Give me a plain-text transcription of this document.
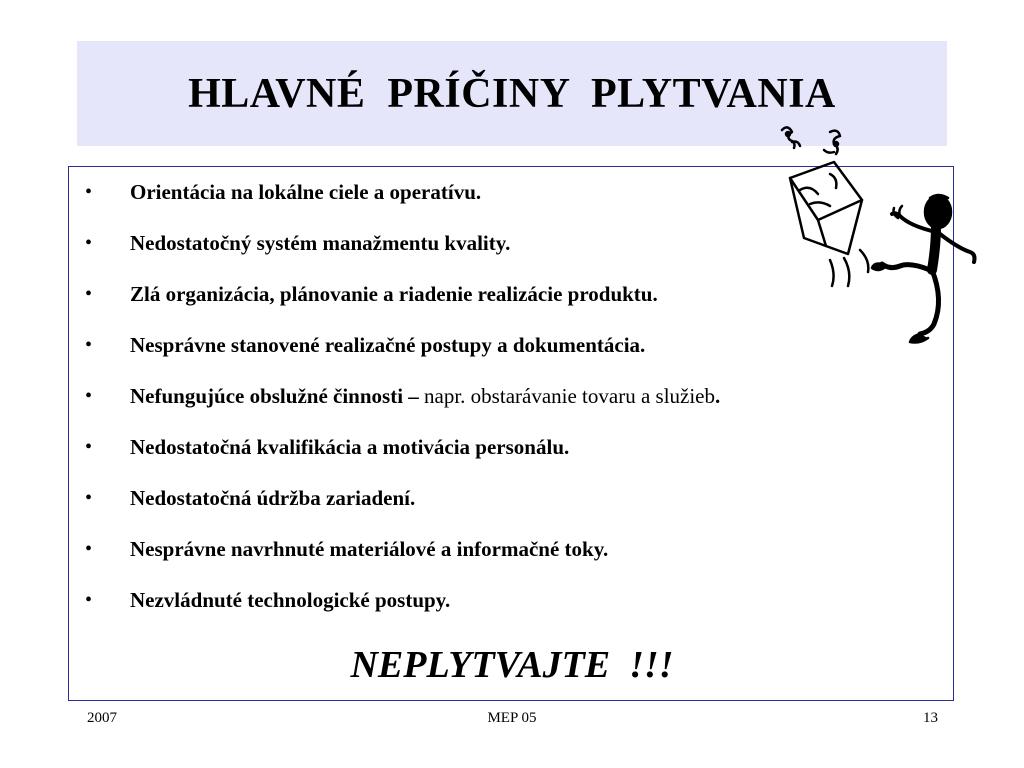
HLAVNÉ  PRÍČINY  PLYTVANIA
• Orientácia na lokálne ciele a operatívu.
• Nedostatočný systém manažmentu kvality.
• Zlá organizácia, plánovanie a riadenie realizácie produktu.
• Nesprávne stanovené realizačné postupy a dokumentácia.
• Nefungujúce obslužné činnosti – napr. obstarávanie tovaru a služieb.
• Nedostatočná kvalifikácia a motivácia personálu.
• Nedostatočná údržba zariadení.
• Nesprávne navrhnuté materiálové a informačné toky.
• Nezvládnuté technologické postupy.
NEPLYTVAJTE  !!!
2007	MEP 05	13
